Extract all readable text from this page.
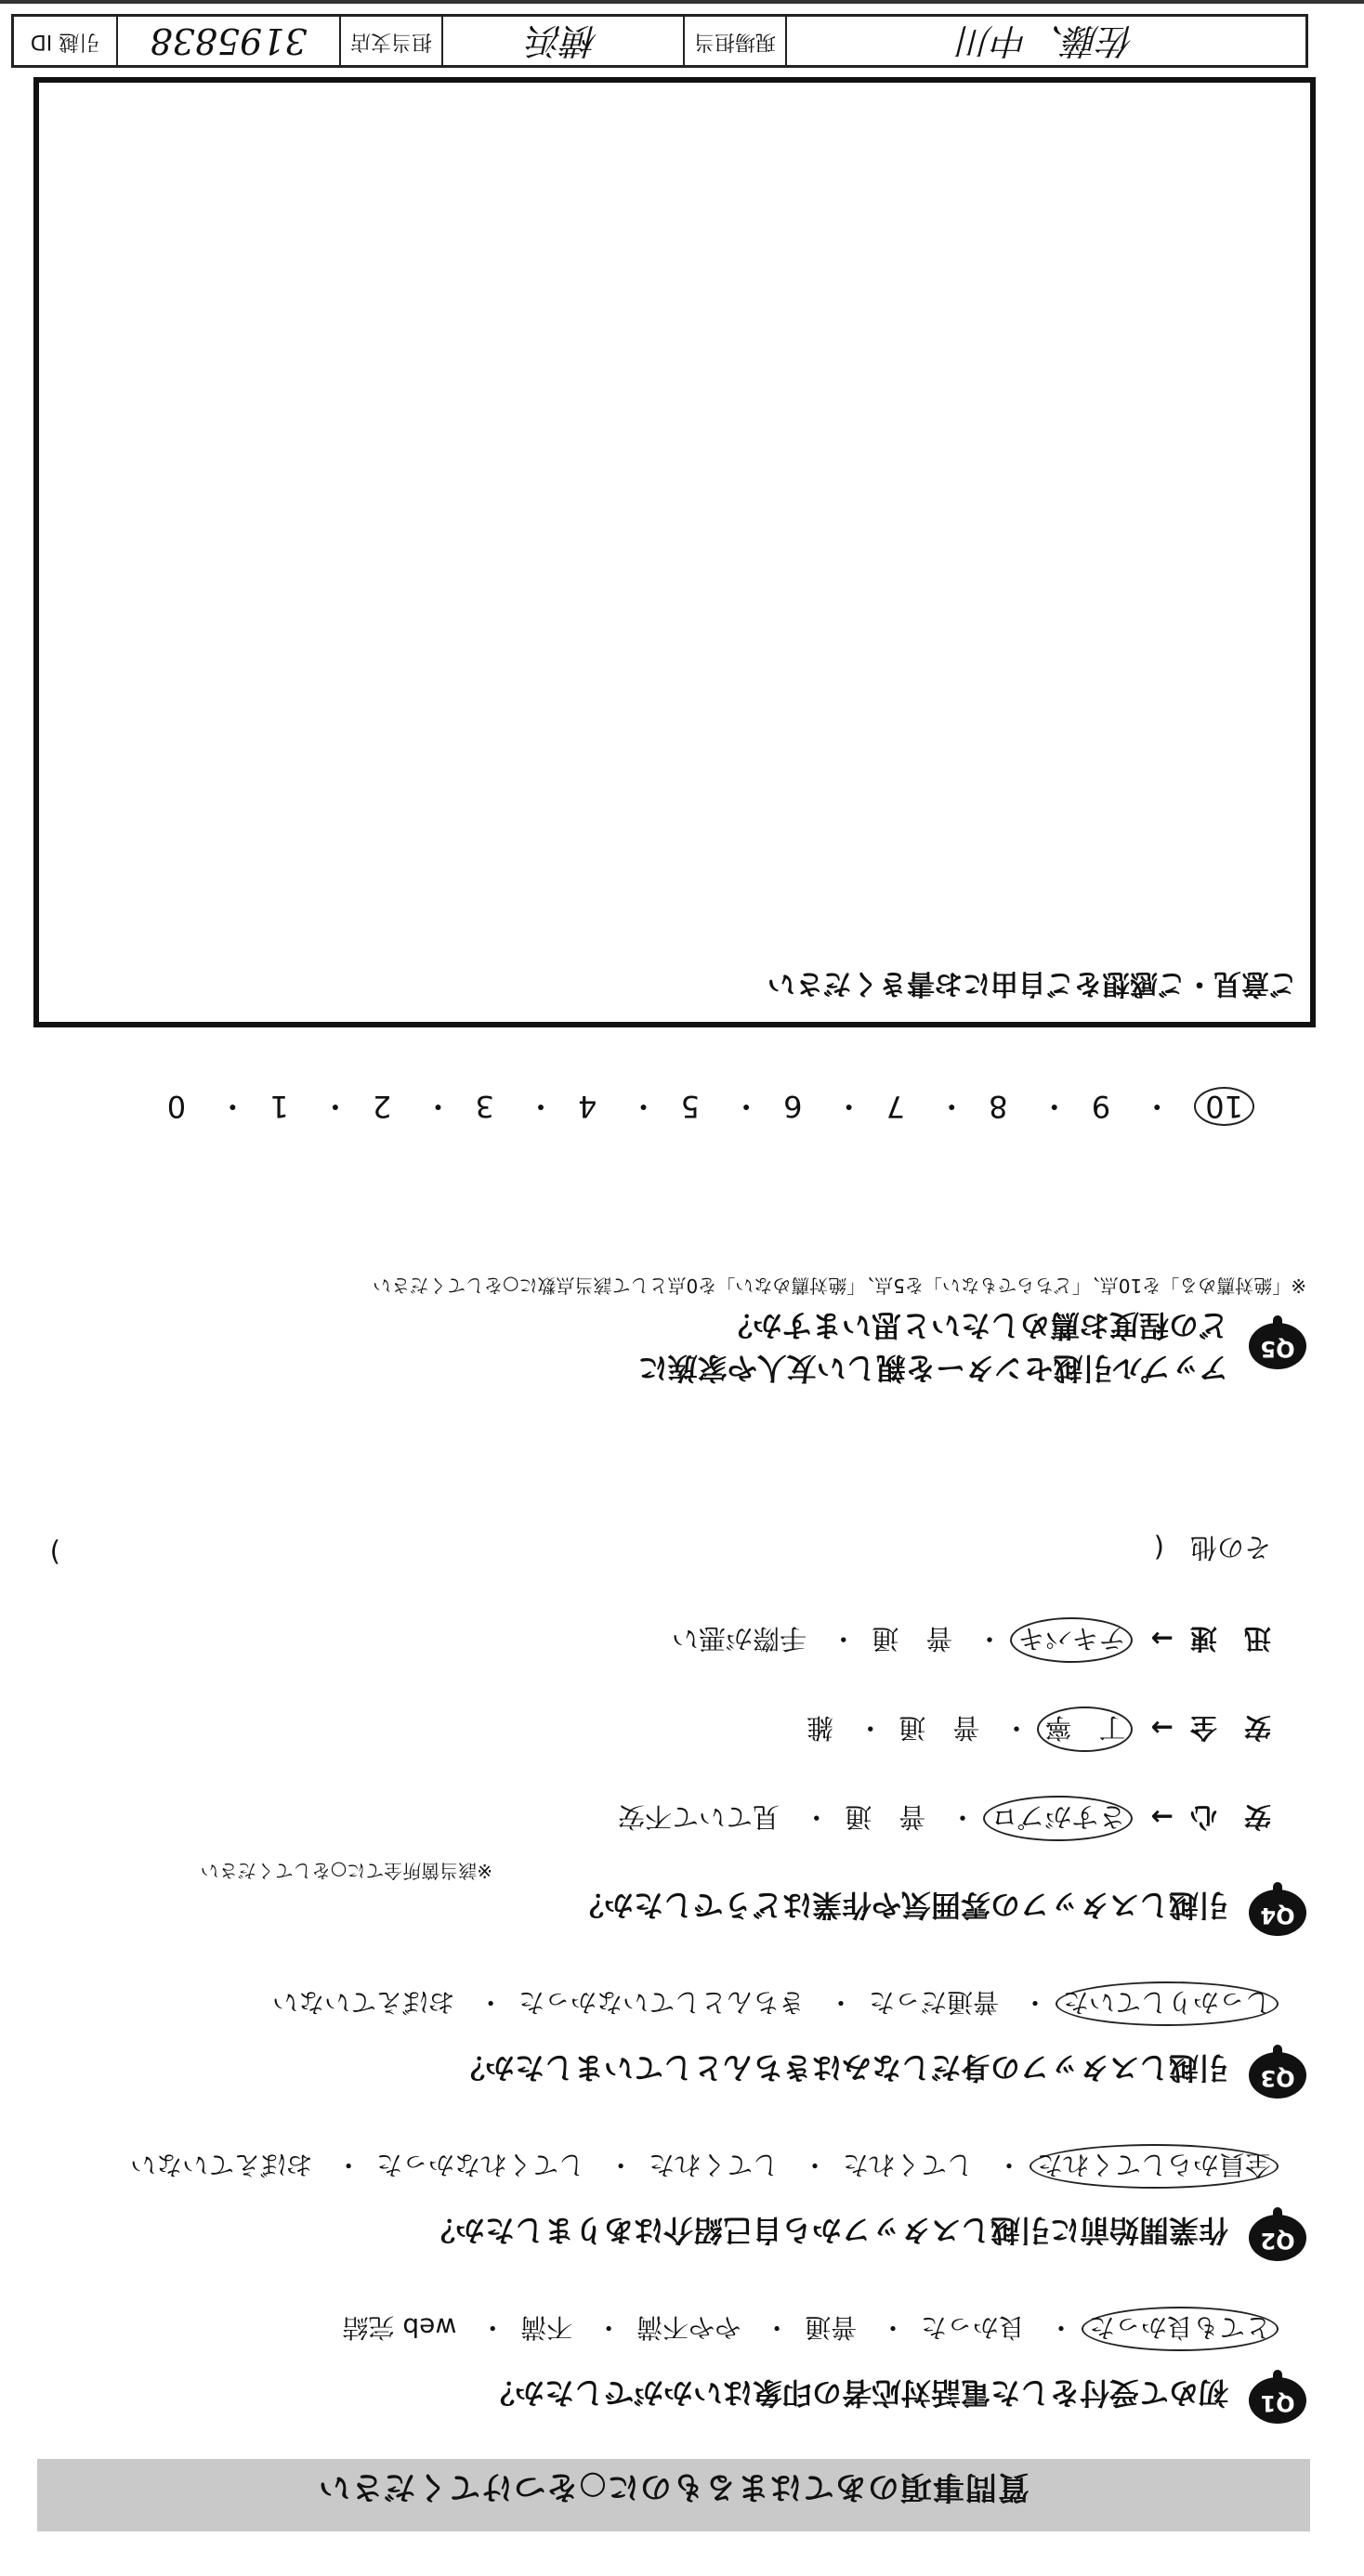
質問事項のあてはまるものに○をつけてください
Q1
初めて受付をした電話対応者の印象はいかがでしたか？
とても良かった・ 良かった・ 普通・ やや不満・ 不満・ web 完結
Q2
作業開始前に引越しスタッフから自己紹介はありましたか？
全員からしてくれた・ してくれた・ してくれた・ してくれなかった・ おぼえていない
Q3
引越しスタッフの身だしなみはきちんとしていましたか？
しっかりしていた・ 普通だった・ きちんとしていなかった・ おぼえていない
Q4
引越しスタッフの雰囲気や作業はどうでしたか？
※該当箇所全てに○をしてください
安　心→ さすがプロ・ 普　通・ 見ていて不安
安　全→ 丁　寧・ 普　通・ 雑
迅　速→ テキパキ・ 普　通・ 手際が悪い
その他(
)
Q5
アップル引越センターを親しい友人や家族に
どの程度お薦めしたいと思いますか？
※「絶対薦める」を10点、「どちらでもない」を5点、「絶対薦めない」を0点として該当点数に○をしてください
10・ 9・ 8・ 7・ 6・ 5・ 4・ 3・ 2・ 1・ 0
ご意見・ご感想をご自由にお書きください
佐藤、中川
現場担当
横浜
担当支店
3195838
引越 ID
